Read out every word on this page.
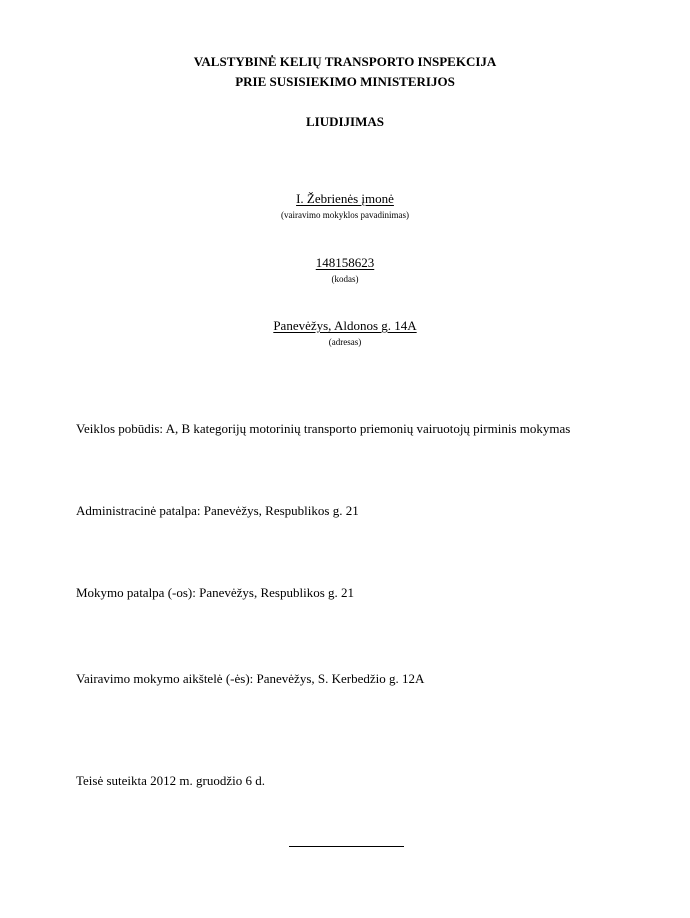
VALSTYBINĖ KELIŲ TRANSPORTO INSPEKCIJA
PRIE SUSISIEKIMO MINISTERIJOS
LIUDIJIMAS
I. Žebrienės įmonė
(vairavimo mokyklos pavadinimas)
148158623
(kodas)
Panevėžys, Aldonos g. 14A
(adresas)
Veiklos pobūdis: A, B kategorijų motorinių transporto priemonių vairuotojų pirminis mokymas
Administracinė patalpa: Panevėžys, Respublikos g. 21
Mokymo patalpa (-os): Panevėžys, Respublikos g. 21
Vairavimo mokymo aikštelė (-ės): Panevėžys, S. Kerbedžio g. 12A
Teisė suteikta 2012 m. gruodžio 6 d.
